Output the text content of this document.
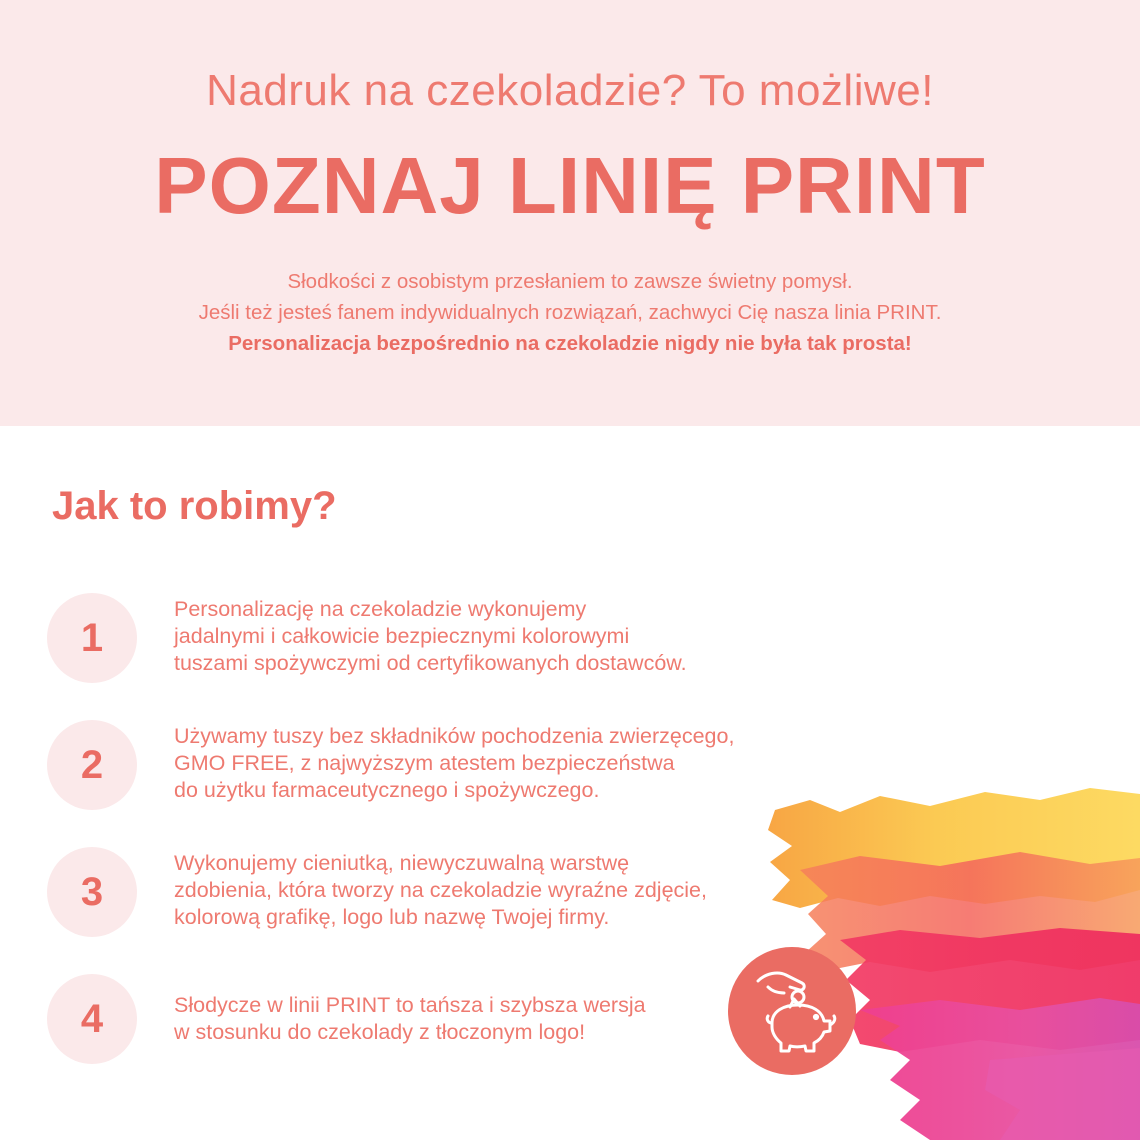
Nadruk na czekoladzie? To możliwe!
POZNAJ LINIĘ PRINT
Słodkości z osobistym przesłaniem to zawsze świetny pomysł.
Jeśli też jesteś fanem indywidualnych rozwiązań, zachwyci Cię nasza linia PRINT.
Personalizacja bezpośrednio na czekoladzie nigdy nie była tak prosta!
Jak to robimy?
1
Personalizację na czekoladzie wykonujemy
jadalnymi i całkowicie bezpiecznymi kolorowymi
tuszami spożywczymi od certyfikowanych dostawców.
2
Używamy tuszy bez składników pochodzenia zwierzęcego,
GMO FREE, z najwyższym atestem bezpieczeństwa
do użytku farmaceutycznego i spożywczego.
3
Wykonujemy cieniutką, niewyczuwalną warstwę
zdobienia, która tworzy na czekoladzie wyraźne zdjęcie,
kolorową grafikę, logo lub nazwę Twojej firmy.
4	Słodycze w linii PRINT to tańsza i szybsza wersja
w stosunku do czekolady z tłoczonym logo!
